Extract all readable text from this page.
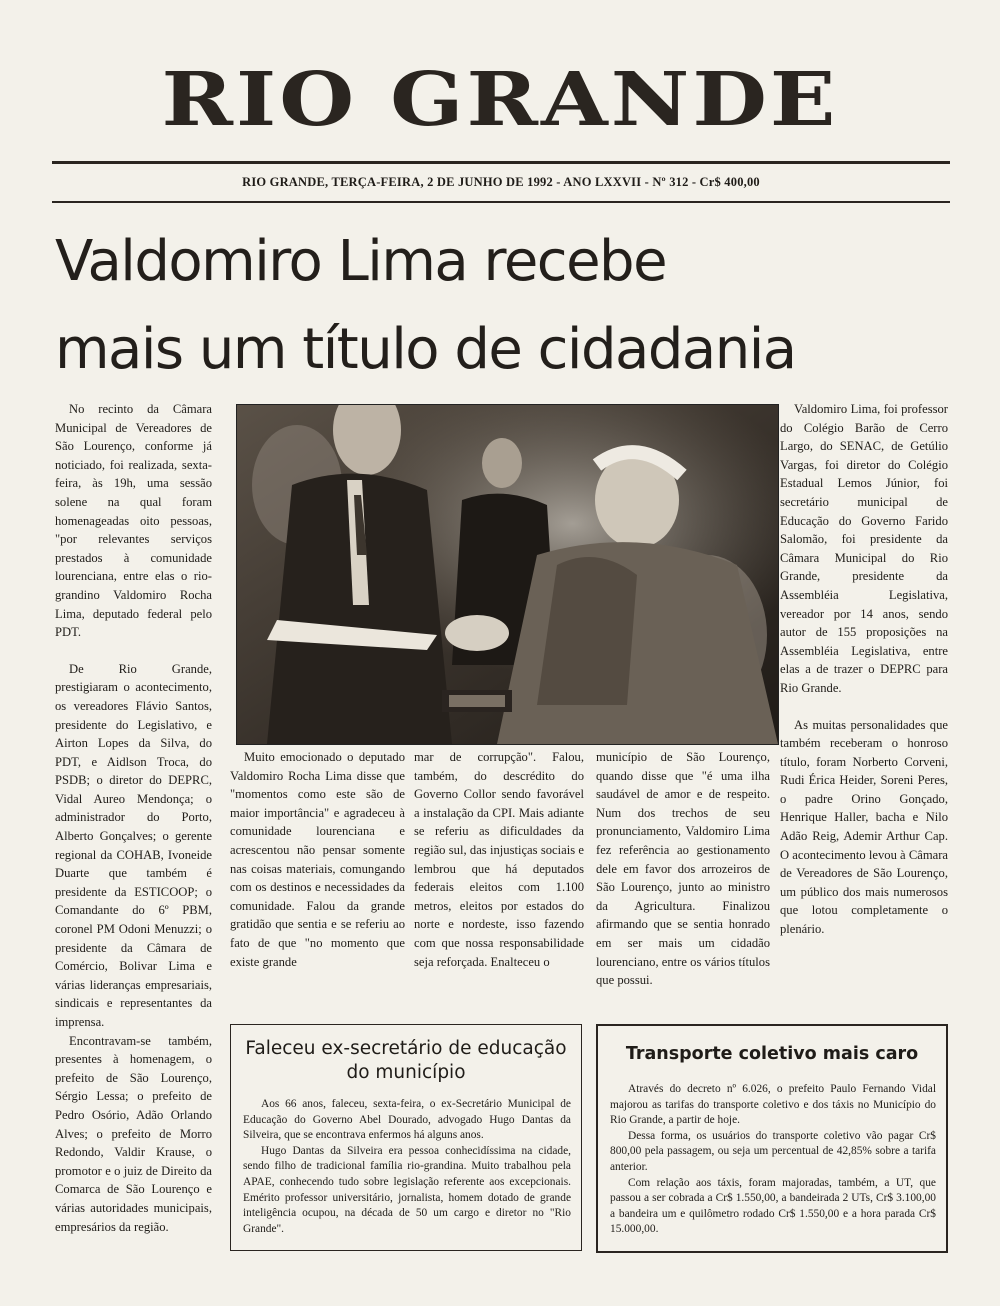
RIO GRANDE
RIO GRANDE, TERÇA-FEIRA, 2 DE JUNHO DE 1992 - ANO LXXVII - Nº 312 - Cr$ 400,00
Valdomiro Lima recebe
mais um título de cidadania

No recinto da Câmara Municipal de Vereadores de São Lourenço, conforme já noticiado, foi realizada, sexta-feira, às 19h, uma sessão solene na qual foram homenageadas oito pessoas, "por relevantes serviços prestados à comunidade lourenciana, entre elas o rio-grandino Valdomiro Rocha Lima, deputado federal pelo PDT.

De Rio Grande, prestigiaram o acontecimento, os vereadores Flávio Santos, presidente do Legislativo, e Airton Lopes da Silva, do PDT, e Aidlson Troca, do PSDB; o diretor do DEPRC, Vidal Aureo Mendonça; o administrador do Porto, Alberto Gonçalves; o gerente regional da COHAB, Ivoneide Duarte que também é presidente da ESTICOOP; o Comandante do 6º PBM, coronel PM Odoni Menuzzi; o presidente da Câmara de Comércio, Bolivar Lima e várias lideranças empresariais, sindicais e representantes da imprensa.

Encontravam-se também, presentes à homenagem, o prefeito de São Lourenço, Sérgio Lessa; o prefeito de Pedro Osório, Adão Orlando Alves; o prefeito de Morro Redondo, Valdir Krause, o promotor e o juiz de Direito da Comarca de São Lourenço e várias autoridades municipais, empresários da região.

Muito emocionado o deputado Valdomiro Rocha Lima disse que "momentos como este são de maior importância" e agradeceu à comunidade lourenciana e acrescentou não pensar somente nas coisas materiais, comungando com os destinos e necessidades da comunidade. Falou da grande gratidão que sentia e se referiu ao fato de que "no momento que existe grande

mar de corrupção". Falou, também, do descrédito do Governo Collor sendo favorável a instalação da CPI. Mais adiante se referiu as dificuldades da região sul, das injustiças sociais e lembrou que há deputados federais eleitos com 1.100 metros, eleitos por estados do norte e nordeste, isso fazendo com que nossa responsabilidade seja reforçada. Enalteceu o

município de São Lourenço, quando disse que "é uma ilha saudável de amor e de respeito. Num dos trechos de seu pronunciamento, Valdomiro Lima fez referência ao gestionamento dele em favor dos arrozeiros de São Lourenço, junto ao ministro da Agricultura. Finalizou afirmando que se sentia honrado em ser mais um cidadão lourenciano, entre os vários títulos que possui.

Valdomiro Lima, foi professor do Colégio Barão de Cerro Largo, do SENAC, de Getúlio Vargas, foi diretor do Colégio Estadual Lemos Júnior, foi secretário municipal de Educação do Governo Farido Salomão, foi presidente da Câmara Municipal do Rio Grande, presidente da Assembléia Legislativa, vereador por 14 anos, sendo autor de 155 proposições na Assembléia Legislativa, entre elas a de trazer o DEPRC para Rio Grande.

As muitas personalidades que também receberam o honroso título, foram Norberto Corveni, Rudi Érica Heider, Soreni Peres, o padre Orino Gonçado, Henrique Haller, bacha e Nilo Adão Reig, Ademir Arthur Cap. O acontecimento levou à Câmara de Vereadores de São Lourenço, um público dos mais numerosos que lotou completamente o plenário.

Faleceu ex-secretário de educação do município

Aos 66 anos, faleceu, sexta-feira, o ex-Secretário Municipal de Educação do Governo Abel Dourado, advogado Hugo Dantas da Silveira, que se encontrava enfermos há alguns anos.

Hugo Dantas da Silveira era pessoa conhecidíssima na cidade, sendo filho de tradicional família rio-grandina. Muito trabalhou pela APAE, conhecendo tudo sobre legislação referente aos excepcionais. Emérito professor universitário, jornalista, homem dotado de grande inteligência ocupou, na década de 50 um cargo e diretor no "Rio Grande".

Transporte coletivo mais caro

Através do decreto nº 6.026, o prefeito Paulo Fernando Vidal majorou as tarifas do transporte coletivo e dos táxis no Município do Rio Grande, a partir de hoje.

Dessa forma, os usuários do transporte coletivo vão pagar Cr$ 800,00 pela passagem, ou seja um percentual de 42,85% sobre a tarifa anterior.

Com relação aos táxis, foram majoradas, também, a UT, que passou a ser cobrada a Cr$ 1.550,00, a bandeirada 2 UTs, Cr$ 3.100,00 a bandeira um e quilômetro rodado Cr$ 1.550,00 e a hora parada Cr$ 15.000,00.
